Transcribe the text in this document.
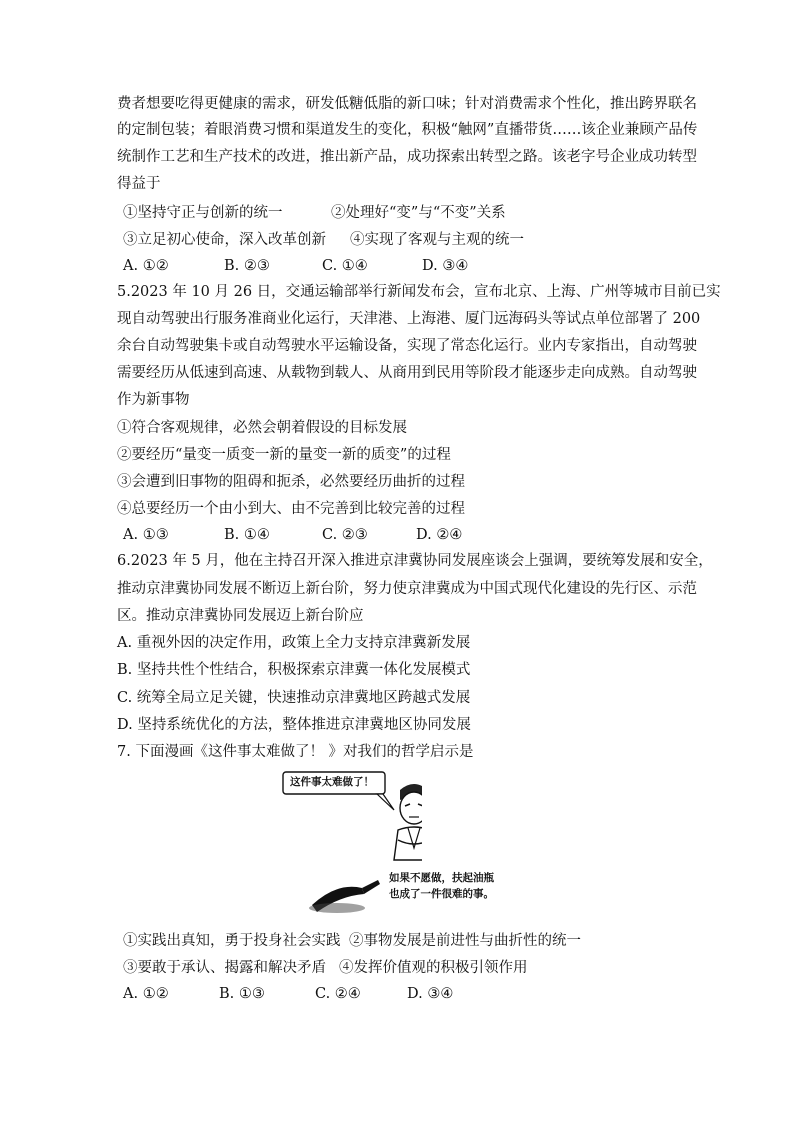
费者想要吃得更健康的需求，研发低糖低脂的新口味；针对消费需求个性化，推出跨界联名
的定制包装；着眼消费习惯和渠道发生的变化，积极“触网”直播带货……该企业兼顾产品传
统制作工艺和生产技术的改进，推出新产品，成功探索出转型之路。该老字号企业成功转型
得益于
①坚持守正与创新的统一	②处理好“变”与“不变”关系
③立足初心使命，深入改革创新 ④实现了客观与主观的统一
A. ①②	B. ②③	C. ①④	D. ③④
5.2023 年 10 月 26 日，交通运输部举行新闻发布会，宣布北京、上海、广州等城市目前已实
现自动驾驶出行服务准商业化运行，天津港、上海港、厦门远海码头等试点单位部署了 200
余台自动驾驶集卡或自动驾驶水平运输设备，实现了常态化运行。业内专家指出，自动驾驶
需要经历从低速到高速、从载物到载人、从商用到民用等阶段才能逐步走向成熟。自动驾驶
作为新事物
①符合客观规律，必然会朝着假设的目标发展
②要经历“量变一质变一新的量变一新的质变”的过程
③会遭到旧事物的阻碍和扼杀，必然要经历曲折的过程
④总要经历一个由小到大、由不完善到比较完善的过程
A. ①③	B. ①④	C. ②③	D. ②④
6.2023 年 5 月，他在主持召开深入推进京津冀协同发展座谈会上强调，要统筹发展和安全，
推动京津冀协同发展不断迈上新台阶，努力使京津冀成为中国式现代化建设的先行区、示范
区。推动京津冀协同发展迈上新台阶应
A. 重视外因的决定作用，政策上全力支持京津冀新发展
B. 坚持共性个性结合，积极探索京津冀一体化发展模式
C. 统筹全局立足关键，快速推动京津冀地区跨越式发展
D. 坚持系统优化的方法，整体推进京津冀地区协同发展
7. 下面漫画《这件事太难做了！ 》对我们的哲学启示是
这件事太难做了！
如果不愿做，扶起油瓶
也成了一件很难的事。
①实践出真知，勇于投身社会实践 ②事物发展是前进性与曲折性的统一
③要敢于承认、揭露和解决矛盾 ④发挥价值观的积极引领作用
A. ①②	B. ①③	C. ②④	D. ③④
